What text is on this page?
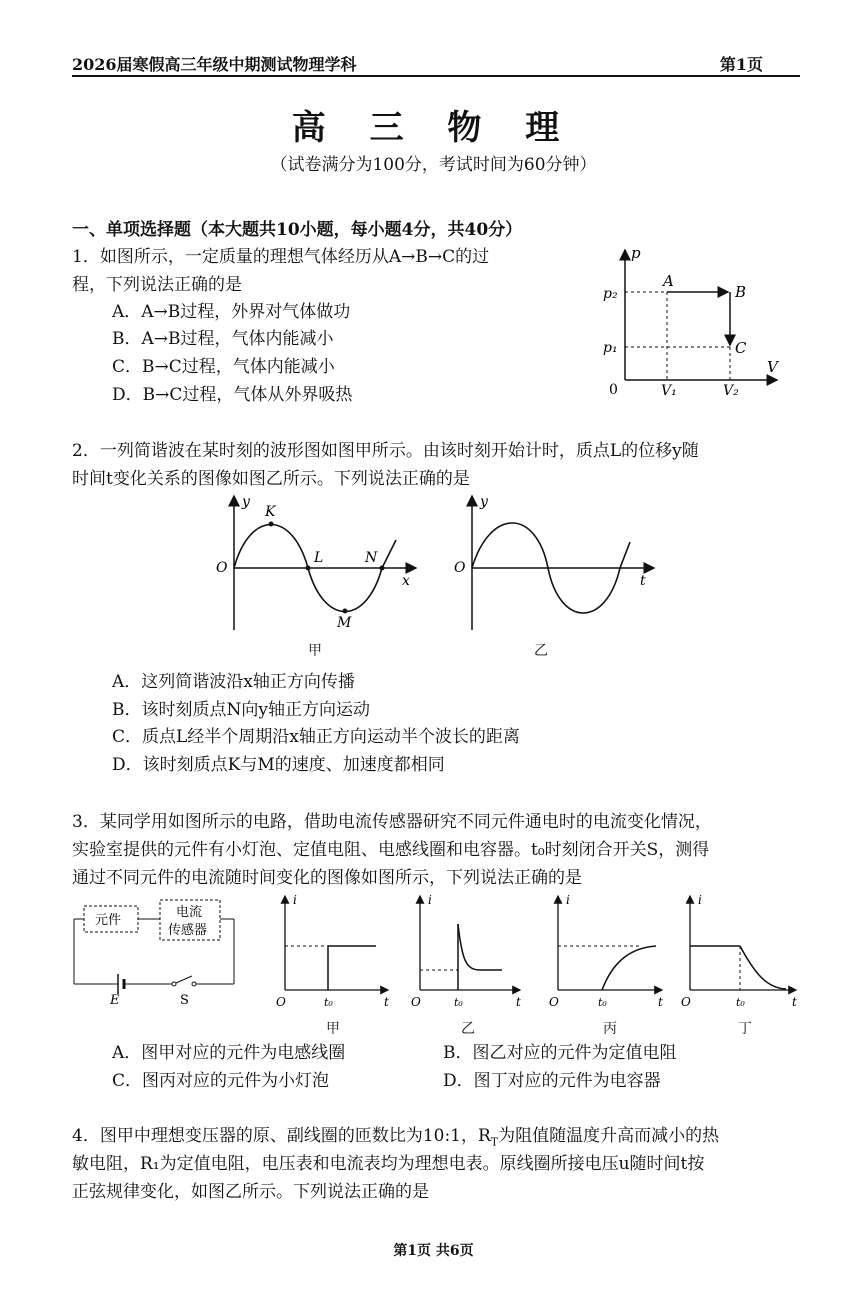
2026届寒假高三年级中期测试物理学科	第1页
高 三 物 理
（试卷满分为100分，考试时间为60分钟）
一、单项选择题（本大题共10小题，每小题4分，共40分）
1．如图所示，一定质量的理想气体经历从A→B→C的过
程，下列说法正确的是
A．A→B过程，外界对气体做功
B．A→B过程，气体内能减小
C．B→C过程，气体内能减小
D．B→C过程，气体从外界吸热
p
V
0
p₂
p₁
V₁	V₂
A
B
C
2．一列简谐波在某时刻的波形图如图甲所示。由该时刻开始计时，质点L的位移y随
时间t变化关系的图像如图乙所示。下列说法正确的是
y
x
O
K
L	N
M
甲
y
t
O
乙
A．这列简谐波沿x轴正方向传播
B．该时刻质点N向y轴正方向运动
C．质点L经半个周期沿x轴正方向运动半个波长的距离
D．该时刻质点K与M的速度、加速度都相同
3．某同学用如图所示的电路，借助电流传感器研究不同元件通电时的电流变化情况，
实验室提供的元件有小灯泡、定值电阻、电感线圈和电容器。t₀时刻闭合开关S，测得
通过不同元件的电流随时间变化的图像如图所示，下列说法正确的是
元件
电流
传感器
E	S
i
O	t₀	t
i
O	t₀	t
i
O	t₀	t
i
O	t₀	t
甲	乙	丙	丁
A．图甲对应的元件为电感线圈	B．图乙对应的元件为定值电阻
C．图丙对应的元件为小灯泡	D．图丁对应的元件为电容器
4．图甲中理想变压器的原、副线圈的匝数比为10:1，$R_T$为阻值随温度升高而减小的热
敏电阻，R₁为定值电阻，电压表和电流表均为理想电表。原线圈所接电压u随时间t按
正弦规律变化，如图乙所示。下列说法正确的是
第1页 共6页
